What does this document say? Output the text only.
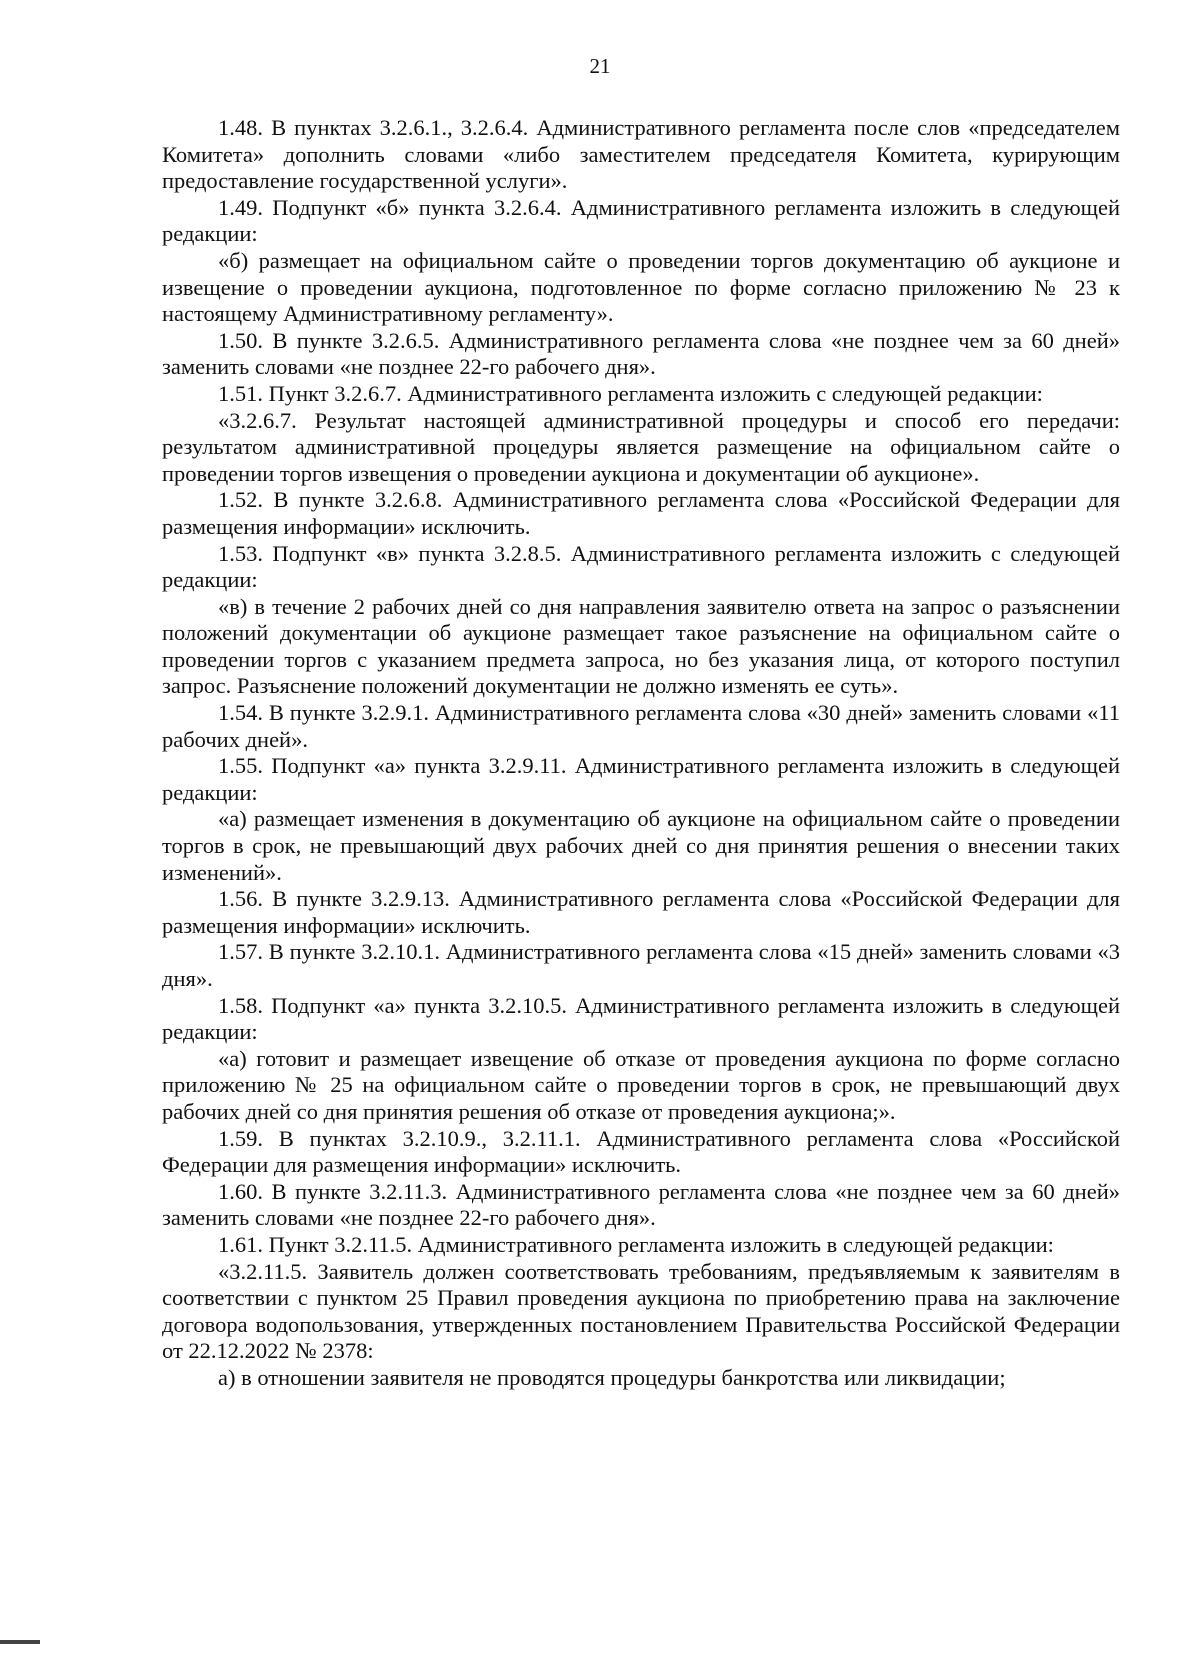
21

1.48. В пунктах 3.2.6.1., 3.2.6.4. Административного регламента после слов «председателем Комитета» дополнить словами «либо заместителем председателя Комитета, курирующим предоставление государственной услуги».

1.49. Подпункт «б» пункта 3.2.6.4. Административного регламента изложить в следующей редакции:

«б) размещает на официальном сайте о проведении торгов документацию об аукционе и извещение о проведении аукциона, подготовленное по форме согласно приложению № 23 к настоящему Административному регламенту».

1.50. В пункте 3.2.6.5. Административного регламента слова «не позднее чем за 60 дней» заменить словами «не позднее 22-го рабочего дня».

1.51. Пункт 3.2.6.7. Административного регламента изложить с следующей редакции:

«3.2.6.7. Результат настоящей административной процедуры и способ его передачи: результатом административной процедуры является размещение на официальном сайте о проведении торгов извещения о проведении аукциона и документации об аукционе».

1.52. В пункте 3.2.6.8. Административного регламента слова «Российской Федерации для размещения информации» исключить.

1.53. Подпункт «в» пункта 3.2.8.5. Административного регламента изложить с следующей редакции:

«в) в течение 2 рабочих дней со дня направления заявителю ответа на запрос о разъяснении положений документации об аукционе размещает такое разъяснение на официальном сайте о проведении торгов с указанием предмета запроса, но без указания лица, от которого поступил запрос. Разъяснение положений документации не должно изменять ее суть».

1.54. В пункте 3.2.9.1. Административного регламента слова «30 дней» заменить словами «11 рабочих дней».

1.55. Подпункт «а» пункта 3.2.9.11. Административного регламента изложить в следующей редакции:

«а) размещает изменения в документацию об аукционе на официальном сайте о проведении торгов в срок, не превышающий двух рабочих дней со дня принятия решения о внесении таких изменений».

1.56. В пункте 3.2.9.13. Административного регламента слова «Российской Федерации для размещения информации» исключить.

1.57. В пункте 3.2.10.1. Административного регламента слова «15 дней» заменить словами «3 дня».

1.58. Подпункт «а» пункта 3.2.10.5. Административного регламента изложить в следующей редакции:

«а) готовит и размещает извещение об отказе от проведения аукциона по форме согласно приложению № 25 на официальном сайте о проведении торгов в срок, не превышающий двух рабочих дней со дня принятия решения об отказе от проведения аукциона;».

1.59. В пунктах 3.2.10.9., 3.2.11.1. Административного регламента слова «Российской Федерации для размещения информации» исключить.

1.60. В пункте 3.2.11.3. Административного регламента слова «не позднее чем за 60 дней» заменить словами «не позднее 22-го рабочего дня».

1.61. Пункт 3.2.11.5. Административного регламента изложить в следующей редакции:

«3.2.11.5. Заявитель должен соответствовать требованиям, предъявляемым к заявителям в соответствии с пунктом 25 Правил проведения аукциона по приобретению права на заключение договора водопользования, утвержденных постановлением Правительства Российской Федерации от 22.12.2022 № 2378:

а) в отношении заявителя не проводятся процедуры банкротства или ликвидации;
